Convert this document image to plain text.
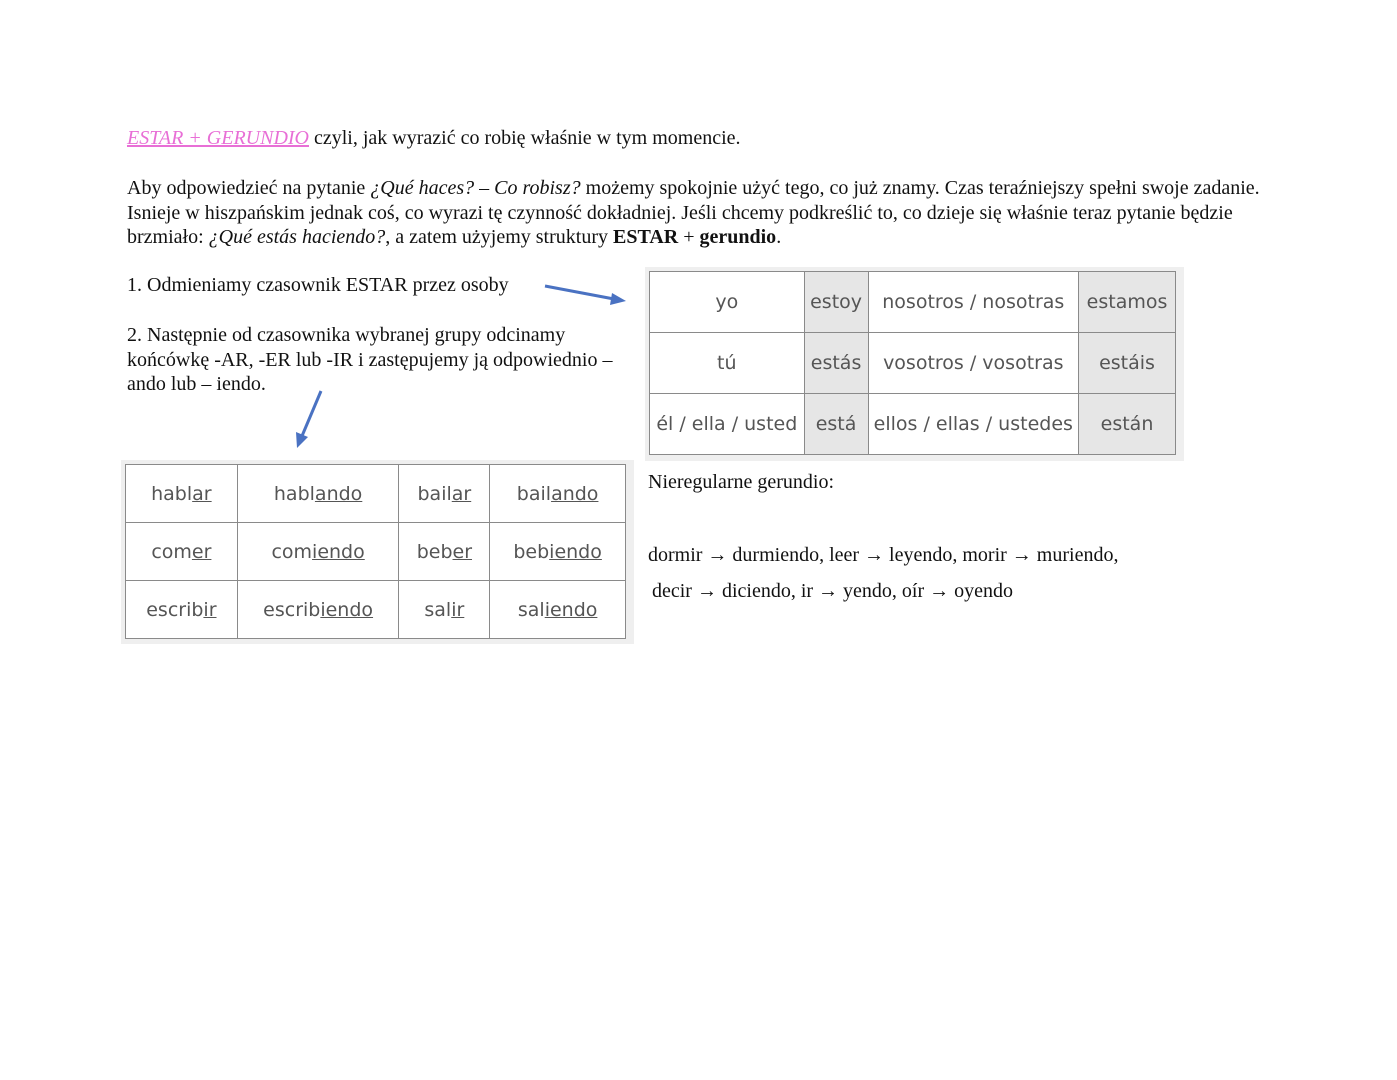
ESTAR + GERUNDIO czyli, jak wyrazić co robię właśnie w tym momencie.
Aby odpowiedzieć na pytanie ¿Qué haces? – Co robisz? możemy spokojnie użyć tego, co już znamy. Czas teraźniejszy spełni swoje zadanie. Isnieje w hiszpańskim jednak coś, co wyrazi tę czynność dokładniej. Jeśli chcemy podkreślić to, co dzieje się właśnie teraz pytanie będzie brzmiało: ¿Qué estás haciendo?, a zatem użyjemy struktury ESTAR + gerundio.
1. Odmieniamy czasownik ESTAR przez osoby
2. Następnie od czasownika wybranej grupy odcinamy końcówkę -AR, -ER lub -IR i zastępujemy ją odpowiednio – ando lub – iendo.
yo	estoy	nosotros / nosotras	estamos
tú	estás	vosotros / vosotras	estáis
él / ella / usted	está	ellos / ellas / ustedes	están
hablar	hablando	bailar	bailando
comer	comiendo	beber	bebiendo
escribir	escribiendo	salir	saliendo
Nieregularne gerundio:
dormir → durmiendo, leer → leyendo, morir → muriendo,
decir → diciendo, ir → yendo, oír → oyendo
